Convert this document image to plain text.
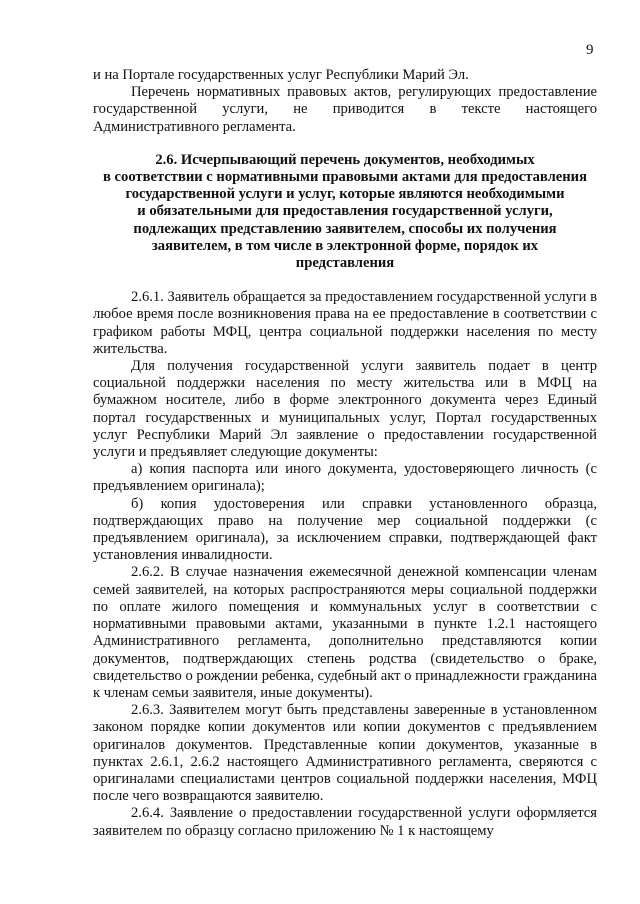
9

и на Портале государственных услуг Республики Марий Эл.

Перечень нормативных правовых актов, регулирующих предоставление государственной услуги, не приводится в тексте настоящего Административного регламента.

2.6. Исчерпывающий перечень документов, необходимых
в соответствии с нормативными правовыми актами для предоставления
государственной услуги и услуг, которые являются необходимыми
и обязательными для предоставления государственной услуги,
подлежащих представлению заявителем, способы их получения
заявителем, в том числе в электронной форме, порядок их
представления

2.6.1. Заявитель обращается за предоставлением государственной услуги в любое время после возникновения права на ее предоставление в соответствии с графиком работы МФЦ, центра социальной поддержки населения по месту жительства.

Для получения государственной услуги заявитель подает в центр социальной поддержки населения по месту жительства или в МФЦ на бумажном носителе, либо в форме электронного документа через Единый портал государственных и муниципальных услуг, Портал государственных услуг Республики Марий Эл заявление о предоставлении государственной услуги и предъявляет следующие документы:

а) копия паспорта или иного документа, удостоверяющего личность (с предъявлением оригинала);

б) копия удостоверения или справки установленного образца, подтверждающих право на получение мер социальной поддержки (с предъявлением оригинала), за исключением справки, подтверждающей факт установления инвалидности.

2.6.2. В случае назначения ежемесячной денежной компенсации членам семей заявителей, на которых распространяются меры социальной поддержки по оплате жилого помещения и коммунальных услуг в соответствии с нормативными правовыми актами, указанными в пункте 1.2.1 настоящего Административного регламента, дополнительно представляются копии документов, подтверждающих степень родства (свидетельство о браке, свидетельство о рождении ребенка, судебный акт о принадлежности гражданина к членам семьи заявителя, иные документы).

2.6.3. Заявителем могут быть представлены заверенные в установленном законом порядке копии документов или копии документов с предъявлением оригиналов документов. Представленные копии документов, указанные в пунктах 2.6.1, 2.6.2 настоящего Административного регламента, сверяются с оригиналами специалистами центров социальной поддержки населения, МФЦ после чего возвращаются заявителю.

2.6.4. Заявление о предоставлении государственной услуги оформляется заявителем по образцу согласно приложению № 1 к настоящему
